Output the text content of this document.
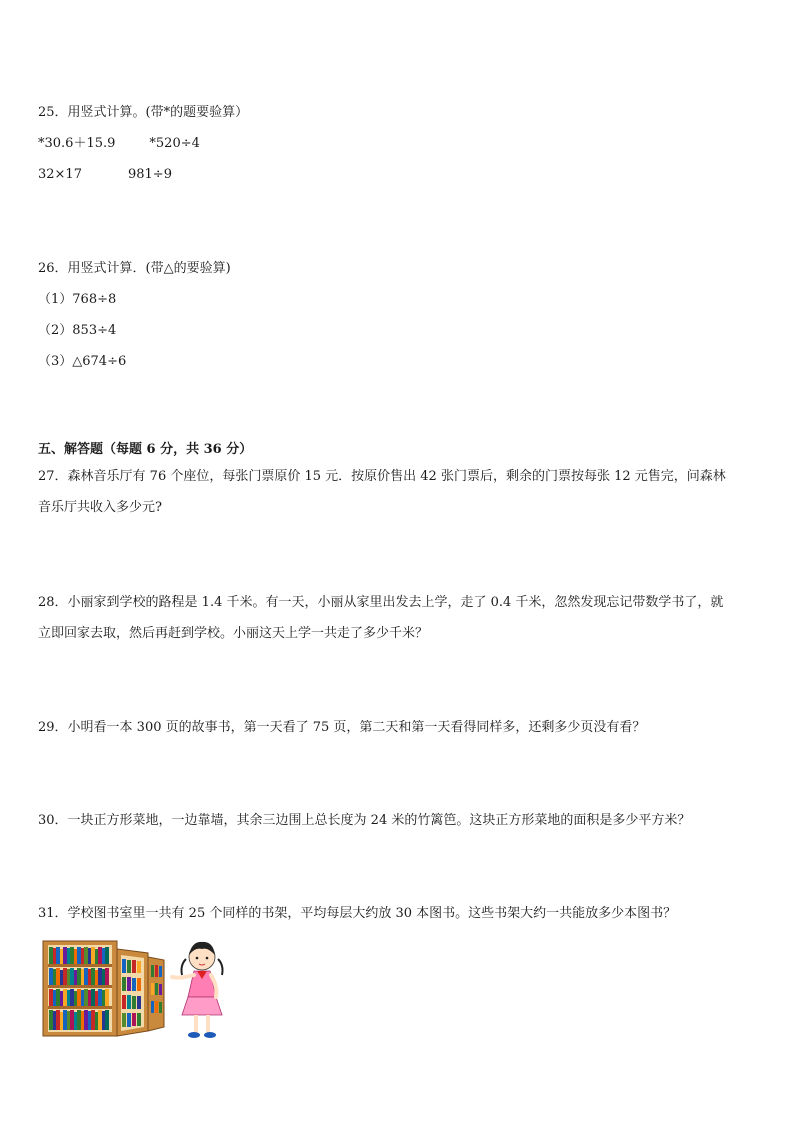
25．用竖式计算。(带*的题要验算）
*30.6＋15.9	*520÷4
32×17	981÷9
26．用竖式计算．(带△的要验算)
（1）768÷8
（2）853÷4
（3）△674÷6
五、解答题（每题 6 分，共 36 分）
27．森林音乐厅有 76 个座位，每张门票原价 15 元．按原价售出 42 张门票后，剩余的门票按每张 12 元售完，问森林
音乐厅共收入多少元?
28．小丽家到学校的路程是 1.4 千米。有一天，小丽从家里出发去上学，走了 0.4 千米，忽然发现忘记带数学书了，就
立即回家去取，然后再赶到学校。小丽这天上学一共走了多少千米？
29．小明看一本 300 页的故事书，第一天看了 75 页，第二天和第一天看得同样多，还剩多少页没有看？
30．一块正方形菜地，一边靠墙，其余三边围上总长度为 24 米的竹篱笆。这块正方形菜地的面积是多少平方米？
31．学校图书室里一共有 25 个同样的书架，平均每层大约放 30 本图书。这些书架大约一共能放多少本图书？
